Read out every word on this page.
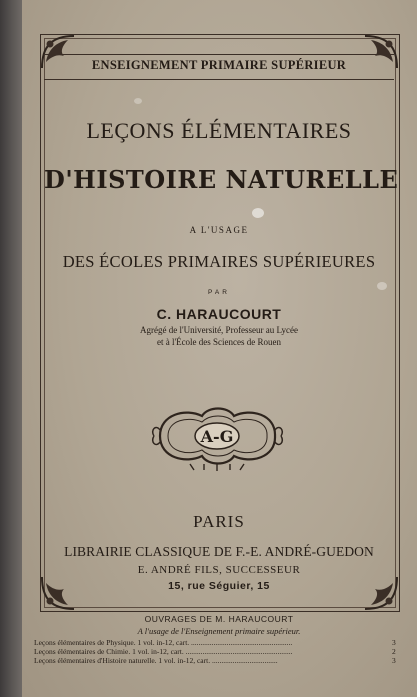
ENSEIGNEMENT PRIMAIRE SUPÉRIEUR
LEÇONS ÉLÉMENTAIRES
D'HISTOIRE NATURELLE
A L'USAGE
DES ÉCOLES PRIMAIRES SUPÉRIEURES
PAR
C. HARAUCOURT
Agrégé de l'Université, Professeur au Lycée
et à l'École des Sciences de Rouen
A-G
PARIS
LIBRAIRIE CLASSIQUE DE F.-E. ANDRÉ-GUEDON
E. ANDRÉ FILS, SUCCESSEUR
15, rue Séguier, 15
OUVRAGES DE M. HARAUCOURT
A l'usage de l'Enseignement primaire supérieur.
Leçons élémentaires de Physique. 1 vol. in-12, cart. ......................................................	3
Leçons élémentaires de Chimie. 1 vol. in-12, cart. .........................................................	2
Leçons élémentaires d'Histoire naturelle. 1 vol. in-12, cart. ...................................	3
